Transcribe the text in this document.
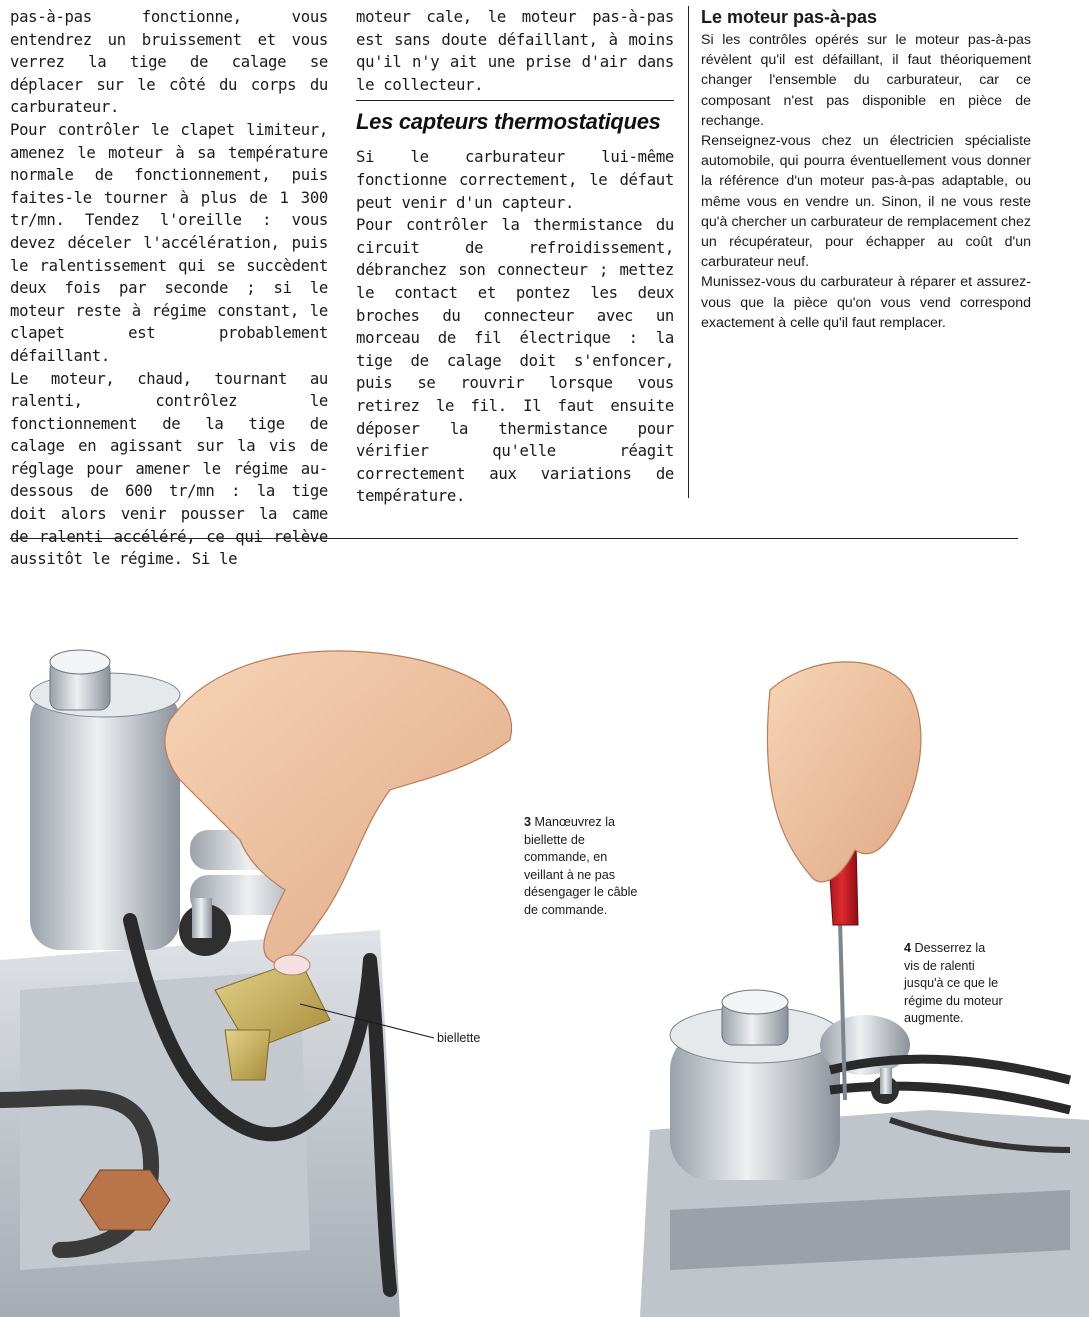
pas-à-pas fonctionne, vous entendrez un bruissement et vous verrez la tige de calage se déplacer sur le côté du corps du carburateur.

Pour contrôler le clapet limiteur, amenez le moteur à sa température normale de fonctionnement, puis faites-le tourner à plus de 1 300 tr/mn. Tendez l'oreille : vous devez déceler l'accélération, puis le ralentissement qui se succèdent deux fois par seconde ; si le moteur reste à régime constant, le clapet est probablement défaillant.

Le moteur, chaud, tournant au ralenti, contrôlez le fonctionnement de la tige de calage en agissant sur la vis de réglage pour amener le régime au-dessous de 600 tr/mn : la tige doit alors venir pousser la came de ralenti accéléré, ce qui relève aussitôt le régime. Si le

moteur cale, le moteur pas-à-pas est sans doute défaillant, à moins qu'il n'y ait une prise d'air dans le collecteur.

Les capteurs thermostatiques

Si le carburateur lui-même fonctionne correctement, le défaut peut venir d'un capteur.

Pour contrôler la thermistance du circuit de refroidissement, débranchez son connecteur ; mettez le contact et pontez les deux broches du connecteur avec un morceau de fil électrique : la tige de calage doit s'enfoncer, puis se rouvrir lorsque vous retirez le fil. Il faut ensuite déposer la thermistance pour vérifier qu'elle réagit correctement aux variations de température.

Le moteur pas-à-pas

Si les contrôles opérés sur le moteur pas-à-pas révèlent qu'il est défaillant, il faut théoriquement changer l'ensemble du carburateur, car ce composant n'est pas disponible en pièce de rechange.

Renseignez-vous chez un électricien spécialiste automobile, qui pourra éventuellement vous donner la référence d'un moteur pas-à-pas adaptable, ou même vous en vendre un. Sinon, il ne vous reste qu'à chercher un carburateur de remplacement chez un récupérateur, pour échapper au coût d'un carburateur neuf.

Munissez-vous du carburateur à réparer et assurez-vous que la pièce qu'on vous vend correspond exactement à celle qu'il faut remplacer.

biellette
3 Manœuvrez la biellette de commande, en veillant à ne pas désengager le câble de commande.
4 Desserrez la vis de ralenti jusqu'à ce que le régime du moteur augmente.
